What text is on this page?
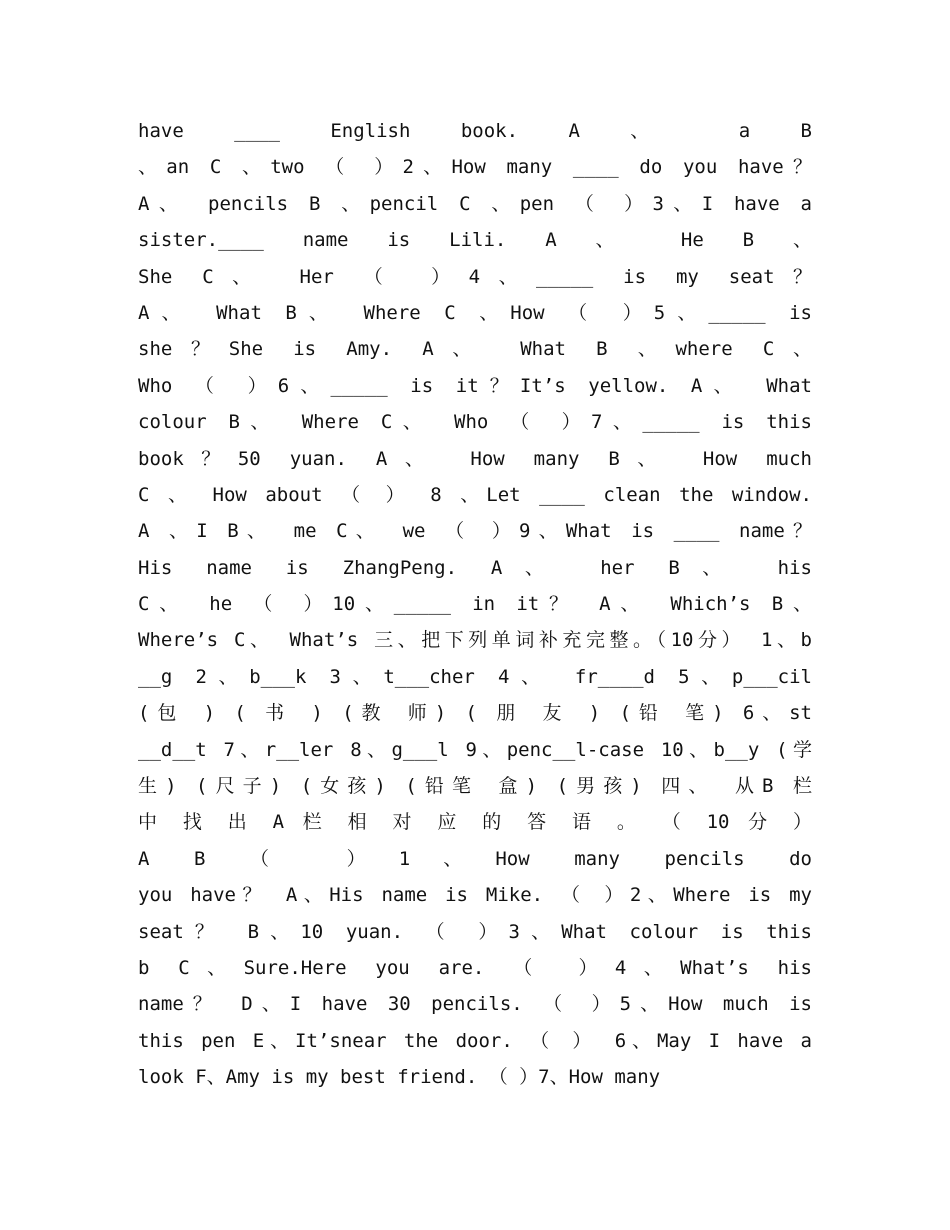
have ____ English book. A 、 a B
、an C 、two （ ）2、How many ____ do you have？
A、 pencils B 、pencil C 、pen （ ）3、I have a
sister.____ name is Lili. A 、 He B 、
She C、 Her （ ）4、_____ is my seat？
A、 What B、 Where C 、How （ ）5、_____ is
she？She is Amy. A、 What B 、where C、
Who （ ）6、_____ is it？It’s yellow. A、 What
colour B、 Where C、 Who （ ）7、_____ is this
book？50 yuan. A、 How many B、 How much
C 、 How about （ ） 8 、Let ____ clean the window.
A 、I B、 me C、 we （ ）9、What is ____ name？
His name is ZhangPeng. A、 her B、 his
C、 he （ ）10、_____ in it？ A、 Which’s B、
Where’s C、 What’s 三、把下列单词补充完整。（10分） 1、b
__g 2、b___k 3、t___cher 4、 fr____d 5、p___cil
(包 ) ( 书 ) (教 师) ( 朋 友 ) (铅 笔) 6、st
__d__t 7、r__ler 8、g___l 9、penc__l-case 10、b__y (学
生) (尺子) (女孩) (铅笔 盒) (男孩) 四、 从B 栏
中 找 出 A 栏 相 对 应 的 答 语 。 （ 10 分 ）
A B （ ）1、How many pencils do
you have？ A、His name is Mike. （ ）2、Where is my
seat？ B、10 yuan. （ ）3、What colour is this
b C、Sure.Here you are. （ ）4、What’s his
name？ D、I have 30 pencils. （ ）5、How much is
this pen E、It’snear the door. （ ） 6、May I have a
look F、Amy is my best friend. （ ）7、How many
